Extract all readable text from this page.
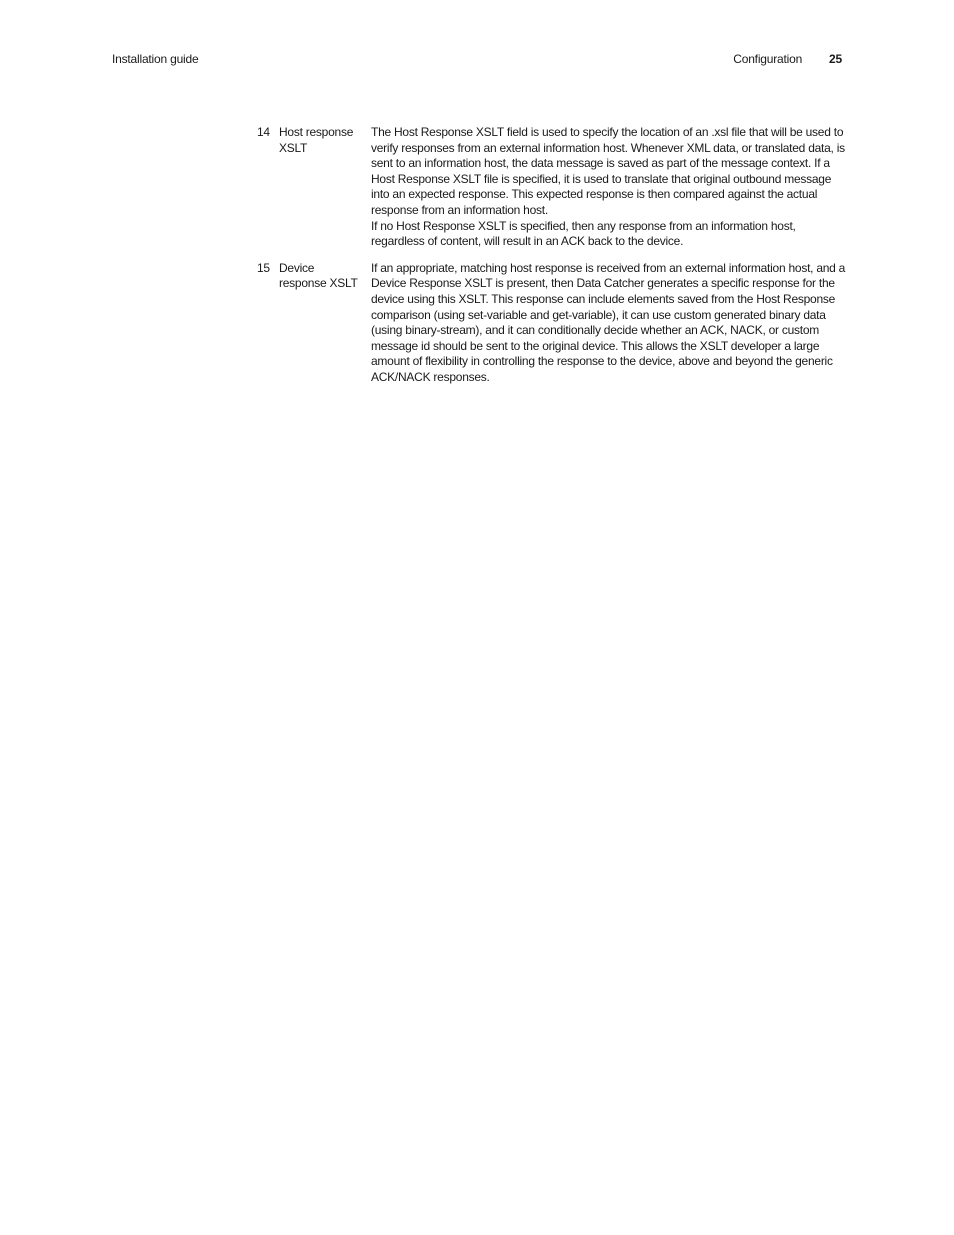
Installation guide	Configuration 25
14 Host response
XSLT

The Host Response XSLT field is used to specify the location of an .xsl file that will be used to verify responses from an external information host. Whenever XML data, or translated data, is sent to an information host, the data message is saved as part of the message context. If a Host Response XSLT file is specified, it is used to translate that original outbound message into an expected response. This expected response is then compared against the actual response from an information host.

If no Host Response XSLT is specified, then any response from an information host, regardless of content, will result in an ACK back to the device.

15 Device
response XSLT

If an appropriate, matching host response is received from an external information host, and a Device Response XSLT is present, then Data Catcher generates a specific response for the device using this XSLT. This response can include elements saved from the Host Response comparison (using set-variable and get-variable), it can use custom generated binary data (using binary-stream), and it can conditionally decide whether an ACK, NACK, or custom message id should be sent to the original device. This allows the XSLT developer a large amount of flexibility in controlling the response to the device, above and beyond the generic ACK/NACK responses.
